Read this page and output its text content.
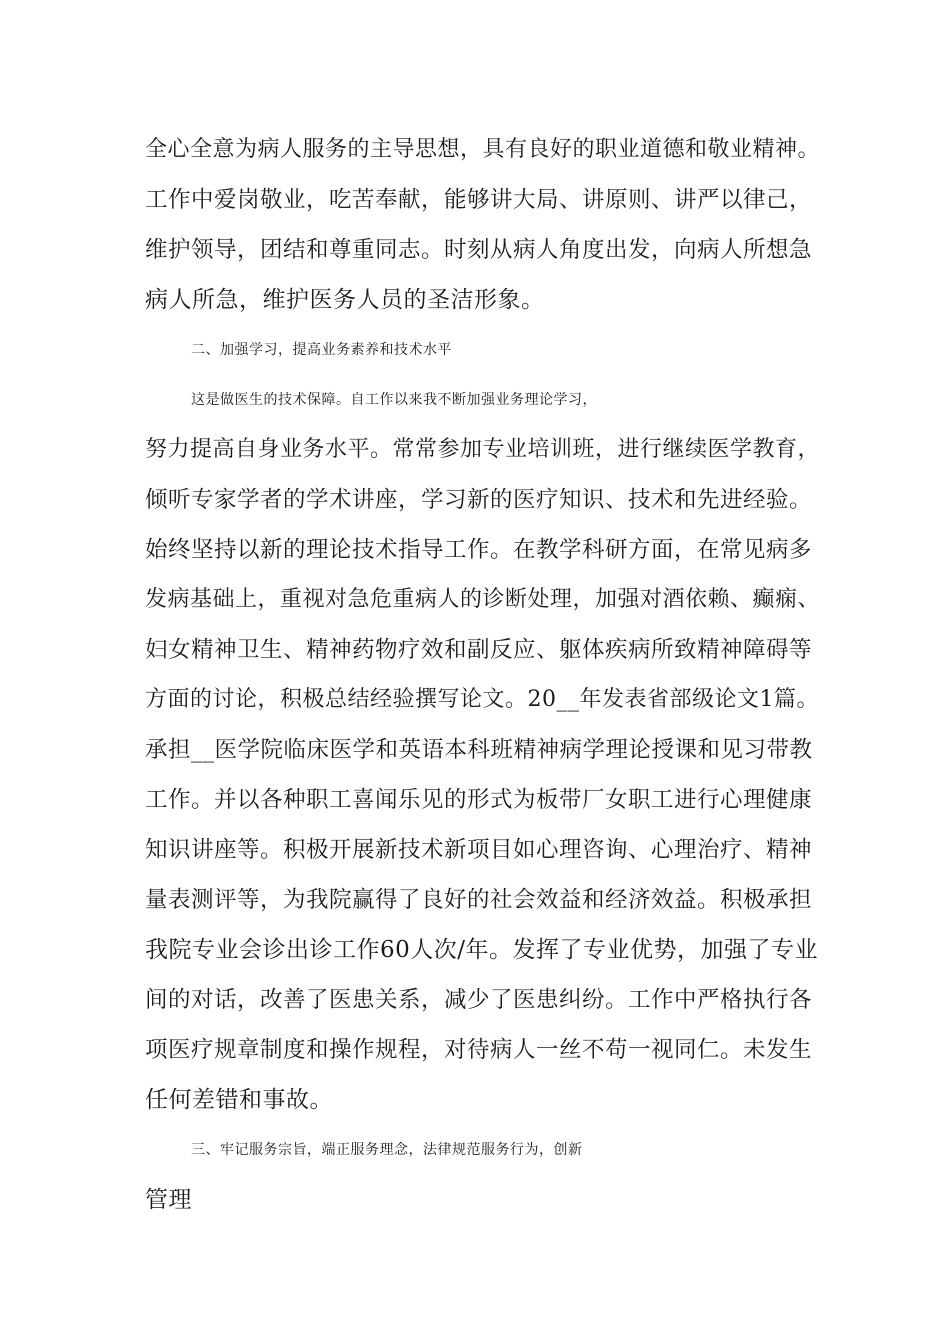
全心全意为病人服务的主导思想，具有良好的职业道德和敬业精神。
工作中爱岗敬业，吃苦奉献，能够讲大局、讲原则、讲严以律己，
维护领导，团结和尊重同志。时刻从病人角度出发，向病人所想急
病人所急，维护医务人员的圣洁形象。
二、加强学习，提高业务素养和技术水平
这是做医生的技术保障。自工作以来我不断加强业务理论学习，
努力提高自身业务水平。常常参加专业培训班，进行继续医学教育，
倾听专家学者的学术讲座，学习新的医疗知识、技术和先进经验。
始终坚持以新的理论技术指导工作。在教学科研方面，在常见病多
发病基础上，重视对急危重病人的诊断处理，加强对酒依赖、癫痫、
妇女精神卫生、精神药物疗效和副反应、躯体疾病所致精神障碍等
方面的讨论，积极总结经验撰写论文。20__年发表省部级论文1篇。
承担__医学院临床医学和英语本科班精神病学理论授课和见习带教
工作。并以各种职工喜闻乐见的形式为板带厂女职工进行心理健康
知识讲座等。积极开展新技术新项目如心理咨询、心理治疗、精神
量表测评等，为我院赢得了良好的社会效益和经济效益。积极承担
我院专业会诊出诊工作60人次/年。发挥了专业优势，加强了专业
间的对话，改善了医患关系，减少了医患纠纷。工作中严格执行各
项医疗规章制度和操作规程，对待病人一丝不苟一视同仁。未发生
任何差错和事故。
三、牢记服务宗旨，端正服务理念，法律规范服务行为，创新
管理
